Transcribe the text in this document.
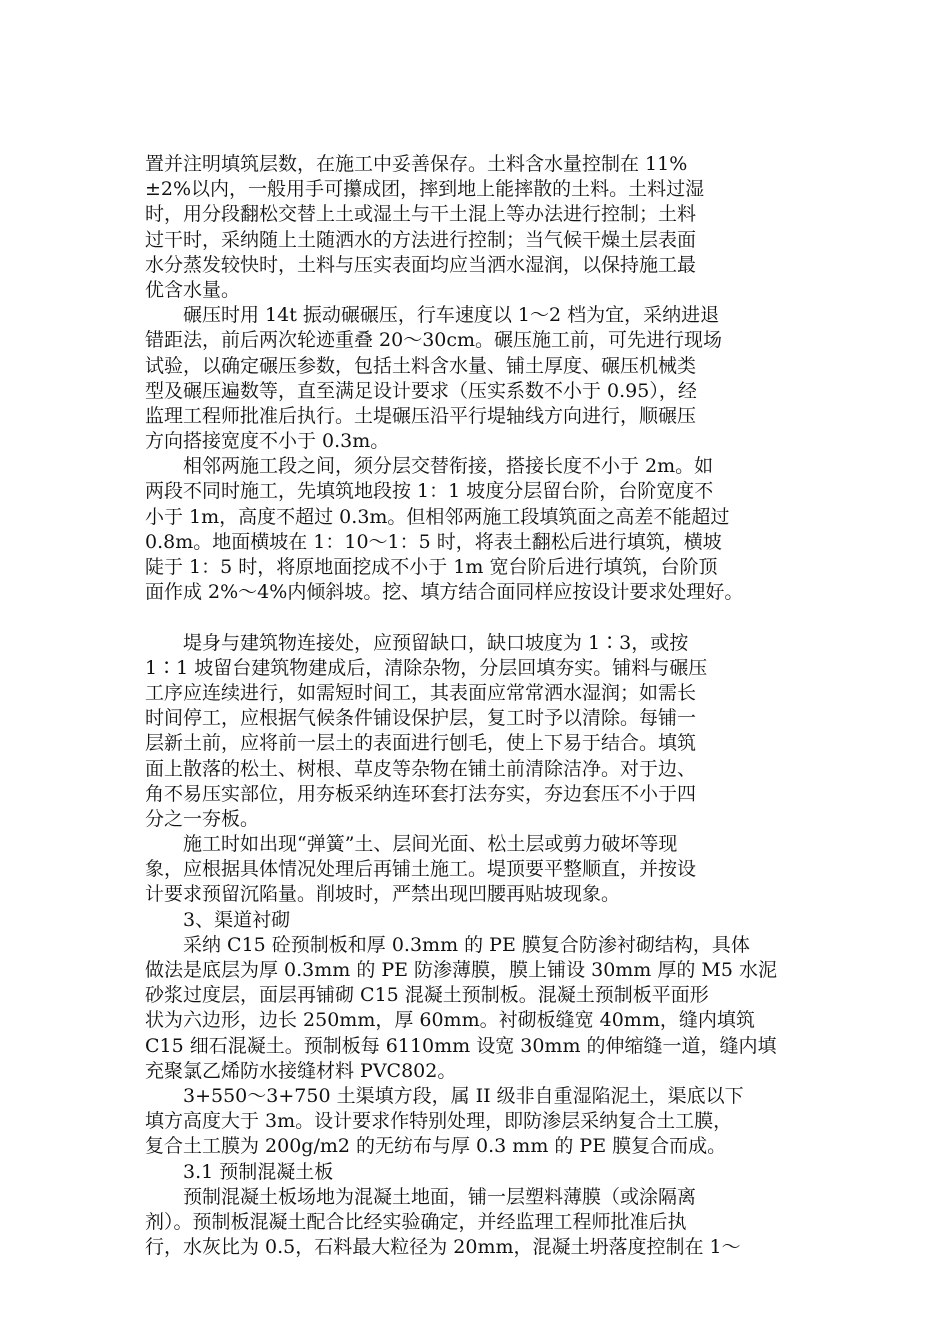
置并注明填筑层数，在施工中妥善保存。土料含水量控制在 11%
±2%以内，一般用手可攥成团，摔到地上能摔散的土料。土料过湿
时，用分段翻松交替上土或湿土与干土混上等办法进行控制；土料
过干时，采纳随上土随洒水的方法进行控制；当气候干燥土层表面
水分蒸发较快时，土料与压实表面均应当洒水湿润，以保持施工最
优含水量。
　　碾压时用 14t 振动碾碾压，行车速度以 1～2 档为宜，采纳进退
错距法，前后两次轮迹重叠 20～30cm。碾压施工前，可先进行现场
试验，以确定碾压参数，包括土料含水量、铺土厚度、碾压机械类
型及碾压遍数等，直至满足设计要求（压实系数不小于 0.95），经
监理工程师批准后执行。土堤碾压沿平行堤轴线方向进行，顺碾压
方向搭接宽度不小于 0.3m。
　　相邻两施工段之间，须分层交替衔接，搭接长度不小于 2m。如
两段不同时施工，先填筑地段按 1：1 坡度分层留台阶，台阶宽度不
小于 1m，高度不超过 0.3m。但相邻两施工段填筑面之高差不能超过
0.8m。地面横坡在 1：10～1：5 时，将表土翻松后进行填筑，横坡
陡于 1：5 时，将原地面挖成不小于 1m 宽台阶后进行填筑，台阶顶
面作成 2%～4%内倾斜坡。挖、填方结合面同样应按设计要求处理好。
　　堤身与建筑物连接处，应预留缺口，缺口坡度为 1∶3，或按
1∶1 坡留台建筑物建成后，清除杂物，分层回填夯实。铺料与碾压
工序应连续进行，如需短时间工，其表面应常常洒水湿润；如需长
时间停工，应根据气候条件铺设保护层，复工时予以清除。每铺一
层新土前，应将前一层土的表面进行刨毛，使上下易于结合。填筑
面上散落的松土、树根、草皮等杂物在铺土前清除洁净。对于边、
角不易压实部位，用夯板采纳连环套打法夯实，夯边套压不小于四
分之一夯板。
　　施工时如出现“弹簧”土、层间光面、松土层或剪力破坏等现
象，应根据具体情况处理后再铺土施工。堤顶要平整顺直，并按设
计要求预留沉陷量。削坡时，严禁出现凹腰再贴坡现象。
　　3、渠道衬砌
　　采纳 C15 砼预制板和厚 0.3mm 的 PE 膜复合防渗衬砌结构，具体
做法是底层为厚 0.3mm 的 PE 防渗薄膜，膜上铺设 30mm 厚的 M5 水泥
砂浆过度层，面层再铺砌 C15 混凝土预制板。混凝土预制板平面形
状为六边形，边长 250mm，厚 60mm。衬砌板缝宽 40mm，缝内填筑
C15 细石混凝土。预制板每 6110mm 设宽 30mm 的伸缩缝一道，缝内填
充聚氯乙烯防水接缝材料 PVC802。
　　3+550～3+750 土渠填方段，属 II 级非自重湿陷泥土，渠底以下
填方高度大于 3m。设计要求作特别处理，即防渗层采纳复合土工膜，
复合土工膜为 200g/m2 的无纺布与厚 0.3 mm 的 PE 膜复合而成。
　　3.1 预制混凝土板
　　预制混凝土板场地为混凝土地面，铺一层塑料薄膜（或涂隔离
剂）。预制板混凝土配合比经实验确定，并经监理工程师批准后执
行，水灰比为 0.5，石料最大粒径为 20mm，混凝土坍落度控制在 1～
